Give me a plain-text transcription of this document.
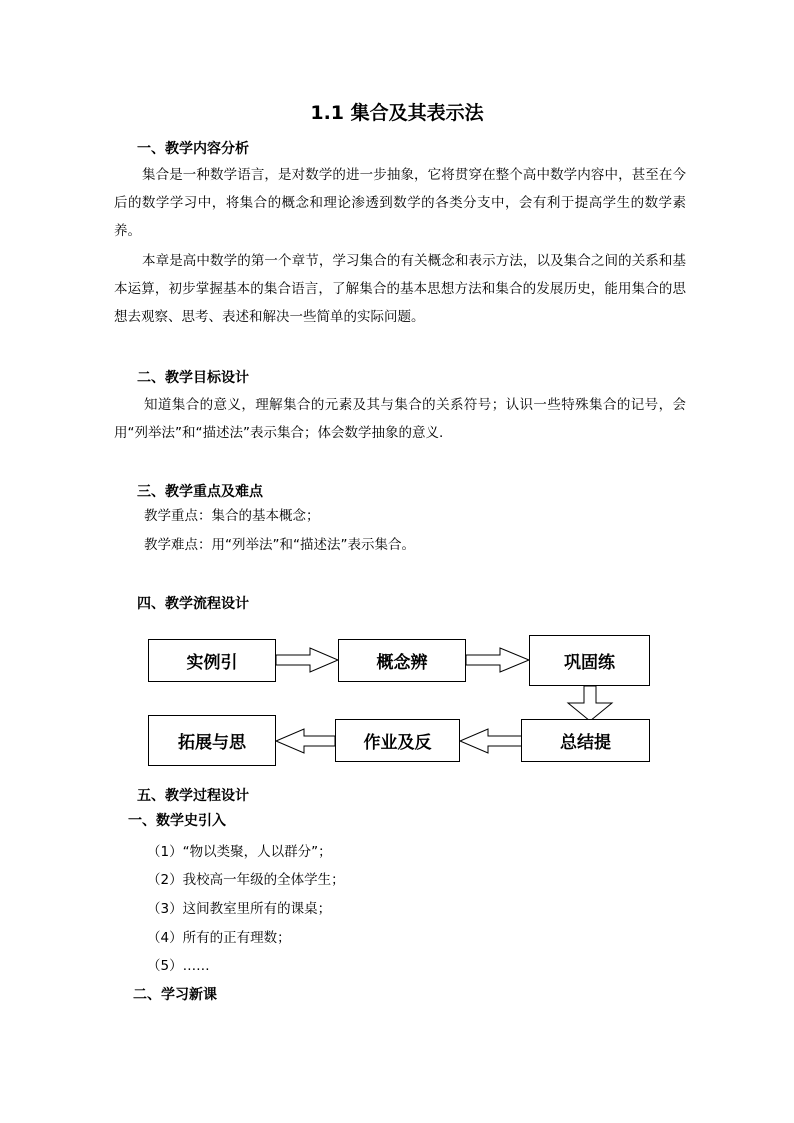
1.1 集合及其表示法
一、教学内容分析
集合是一种数学语言，是对数学的进一步抽象，它将贯穿在整个高中数学内容中，甚至在今后的数学学习中，将集合的概念和理论渗透到数学的各类分支中，会有利于提高学生的数学素养。
本章是高中数学的第一个章节，学习集合的有关概念和表示方法，以及集合之间的关系和基本运算，初步掌握基本的集合语言，了解集合的基本思想方法和集合的发展历史，能用集合的思想去观察、思考、表述和解决一些简单的实际问题。
二、教学目标设计
知道集合的意义，理解集合的元素及其与集合的关系符号；认识一些特殊集合的记号，会用“列举法”和“描述法”表示集合；体会数学抽象的意义.
三、教学重点及难点
教学重点：集合的基本概念；
教学难点：用“列举法”和“描述法”表示集合。
四、教学流程设计
实例引	概念辨	巩固练
总结提
作业及反
拓展与思
五、教学过程设计
一、数学史引入
（1）“物以类聚，人以群分”；
（2）我校高一年级的全体学生；
（3）这间教室里所有的课桌；
（4）所有的正有理数；
（5）……
二、学习新课
